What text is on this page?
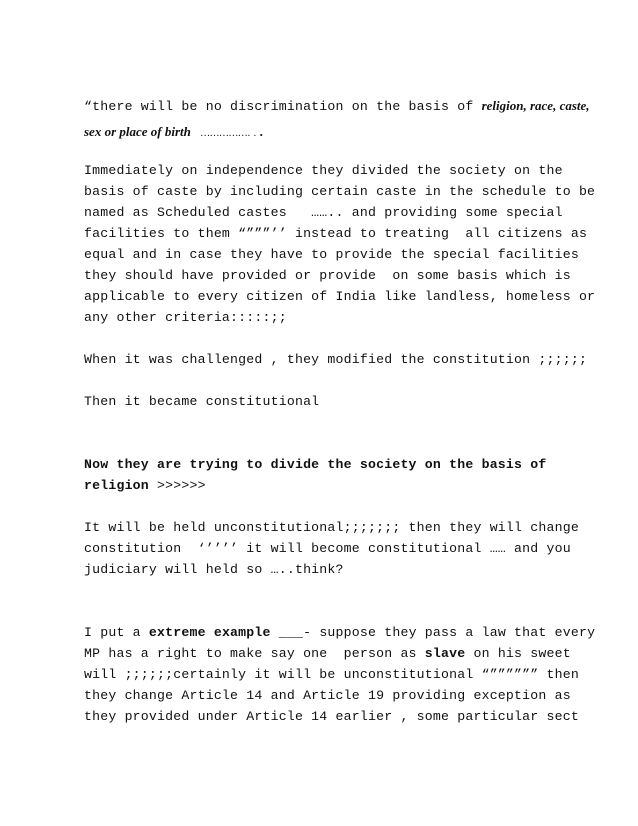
“there will be no discrimination on the basis of religion, race, caste,
sex or place of birth ……………. . .
Immediately on independence they divided the society on the
basis of caste by including certain caste in the schedule to be
named as Scheduled castes   …….. and providing some special
facilities to them “”””’’ instead to treating  all citizens as
equal and in case they have to provide the special facilities
they should have provided or provide  on some basis which is
applicable to every citizen of India like landless, homeless or
any other criteria:::::;;
When it was challenged , they modified the constitution ;;;;;;
Then it became constitutional
Now they are trying to divide the society on the basis of
religion >>>>>>
It will be held unconstitutional;;;;;;; then they will change
constitution  ‘’’’’ it will become constitutional …… and you
judiciary will held so …..think?
I put a extreme example ___- suppose they pass a law that every
MP has a right to make say one  person as slave on his sweet
will ;;;;;;certainly it will be unconstitutional “”””””” then
they change Article 14 and Article 19 providing exception as
they provided under Article 14 earlier , some particular sect
